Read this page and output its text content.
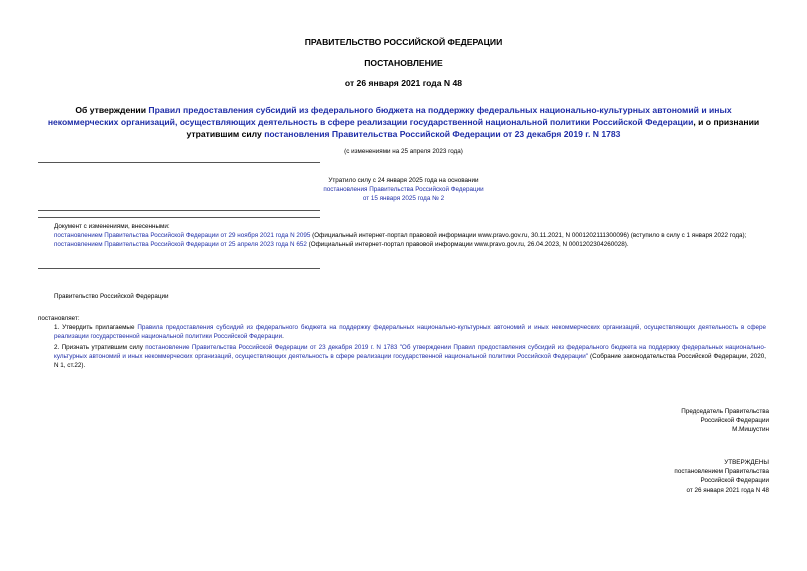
ПРАВИТЕЛЬСТВО РОССИЙСКОЙ ФЕДЕРАЦИИ
ПОСТАНОВЛЕНИЕ
от 26 января 2021 года N 48
Об утверждении Правил предоставления субсидий из федерального бюджета на поддержку федеральных национально-культурных автономий и иных некоммерческих организаций, осуществляющих деятельность в сфере реализации государственной национальной политики Российской Федерации, и о признании утратившим силу постановления Правительства Российской Федерации от 23 декабря 2019 г. N 1783
(с изменениями на 25 апреля 2023 года)
Утратило силу с 24 января 2025 года на основании
постановления Правительства Российской Федерации
от 15 января 2025 года № 2
Документ с изменениями, внесенными:
постановлением Правительства Российской Федерации от 29 ноября 2021 года N 2095 (Официальный интернет-портал правовой информации www.pravo.gov.ru, 30.11.2021, N 0001202111300096) (вступило в силу с 1 января 2022 года);
постановлением Правительства Российской Федерации от 25 апреля 2023 года N 652 (Официальный интернет-портал правовой информации www.pravo.gov.ru, 26.04.2023, N 0001202304260028).
Правительство Российской Федерации
постановляет:
1. Утвердить прилагаемые Правила предоставления субсидий из федерального бюджета на поддержку федеральных национально-культурных автономий и иных некоммерческих организаций, осуществляющих деятельность в сфере реализации государственной национальной политики Российской Федерации.
2. Признать утратившим силу постановление Правительства Российской Федерации от 23 декабря 2019 г. N 1783 "Об утверждении Правил предоставления субсидий из федерального бюджета на поддержку федеральных национально-культурных автономий и иных некоммерческих организаций, осуществляющих деятельность в сфере реализации государственной национальной политики Российской Федерации" (Собрание законодательства Российской Федерации, 2020, N 1, ст.22).
Председатель Правительства
Российской Федерации
М.Мишустин
УТВЕРЖДЕНЫ
постановлением Правительства
Российской Федерации
от 26 января 2021 года N 48
